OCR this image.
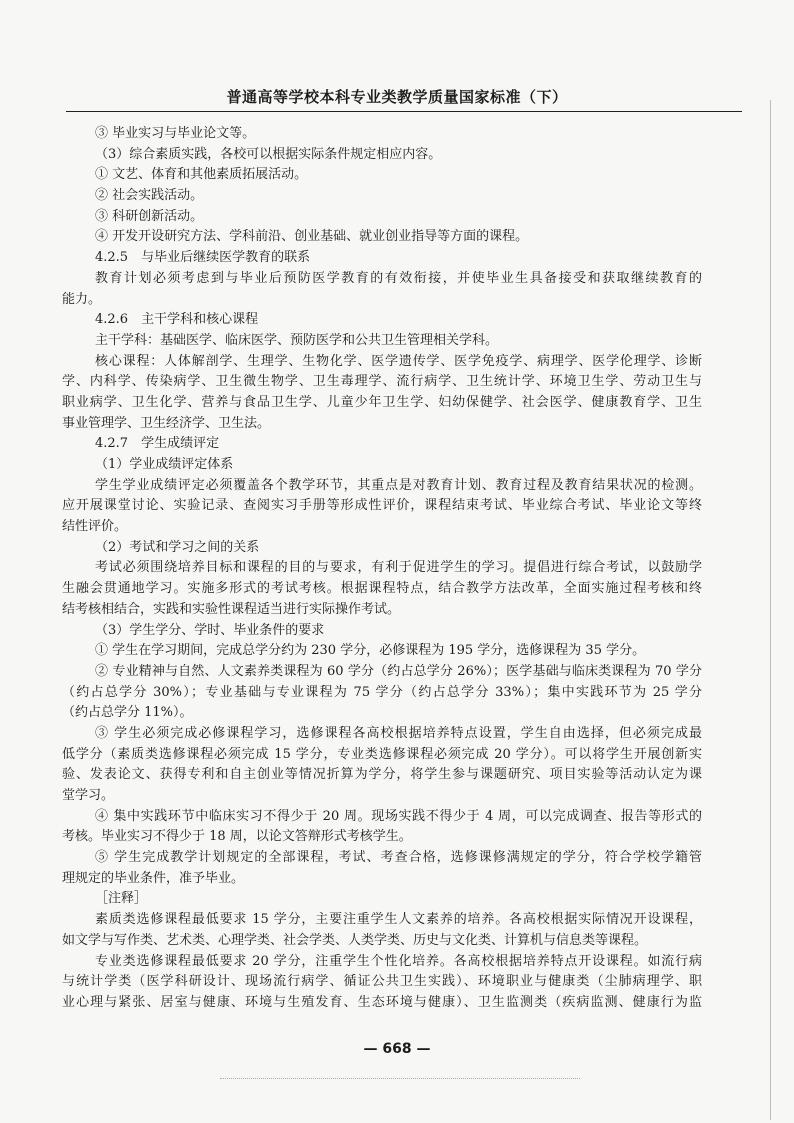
普通高等学校本科专业类教学质量国家标准（下）
③ 毕业实习与毕业论文等。
（3）综合素质实践，各校可以根据实际条件规定相应内容。
① 文艺、体育和其他素质拓展活动。
② 社会实践活动。
③ 科研创新活动。
④ 开发开设研究方法、学科前沿、创业基础、就业创业指导等方面的课程。
4.2.5　与毕业后继续医学教育的联系
教育计划必须考虑到与毕业后预防医学教育的有效衔接，并使毕业生具备接受和获取继续教育的
能力。
4.2.6　主干学科和核心课程
主干学科：基础医学、临床医学、预防医学和公共卫生管理相关学科。
核心课程：人体解剖学、生理学、生物化学、医学遗传学、医学免疫学、病理学、医学伦理学、诊断
学、内科学、传染病学、卫生微生物学、卫生毒理学、流行病学、卫生统计学、环境卫生学、劳动卫生与
职业病学、卫生化学、营养与食品卫生学、儿童少年卫生学、妇幼保健学、社会医学、健康教育学、卫生
事业管理学、卫生经济学、卫生法。
4.2.7　学生成绩评定
（1）学业成绩评定体系
学生学业成绩评定必须覆盖各个教学环节，其重点是对教育计划、教育过程及教育结果状况的检测。
应开展课堂讨论、实验记录、查阅实习手册等形成性评价，课程结束考试、毕业综合考试、毕业论文等终
结性评价。
（2）考试和学习之间的关系
考试必须围绕培养目标和课程的目的与要求，有利于促进学生的学习。提倡进行综合考试，以鼓励学
生融会贯通地学习。实施多形式的考试考核。根据课程特点，结合教学方法改革，全面实施过程考核和终
结考核相结合，实践和实验性课程适当进行实际操作考试。
（3）学生学分、学时、毕业条件的要求
① 学生在学习期间，完成总学分约为 230 学分，必修课程为 195 学分，选修课程为 35 学分。
② 专业精神与自然、人文素养类课程为 60 学分（约占总学分 26%）；医学基础与临床类课程为 70 学分
（约占总学分 30%）；专业基础与专业课程为 75 学分（约占总学分 33%）；集中实践环节为 25 学分
（约占总学分 11%）。
③ 学生必须完成必修课程学习，选修课程各高校根据培养特点设置，学生自由选择，但必须完成最
低学分（素质类选修课程必须完成 15 学分，专业类选修课程必须完成 20 学分）。可以将学生开展创新实
验、发表论文、获得专利和自主创业等情况折算为学分，将学生参与课题研究、项目实验等活动认定为课
堂学习。
④ 集中实践环节中临床实习不得少于 20 周。现场实践不得少于 4 周，可以完成调查、报告等形式的
考核。毕业实习不得少于 18 周，以论文答辩形式考核学生。
⑤ 学生完成教学计划规定的全部课程，考试、考查合格，选修课修满规定的学分，符合学校学籍管
理规定的毕业条件，准予毕业。
［注释］
素质类选修课程最低要求 15 学分，主要注重学生人文素养的培养。各高校根据实际情况开设课程，
如文学与写作类、艺术类、心理学类、社会学类、人类学类、历史与文化类、计算机与信息类等课程。
专业类选修课程最低要求 20 学分，注重学生个性化培养。各高校根据培养特点开设课程。如流行病
与统计学类（医学科研设计、现场流行病学、循证公共卫生实践）、环境职业与健康类（尘肺病理学、职
业心理与紧张、居室与健康、环境与生殖发育、生态环境与健康）、卫生监测类（疾病监测、健康行为监
— 668 —
